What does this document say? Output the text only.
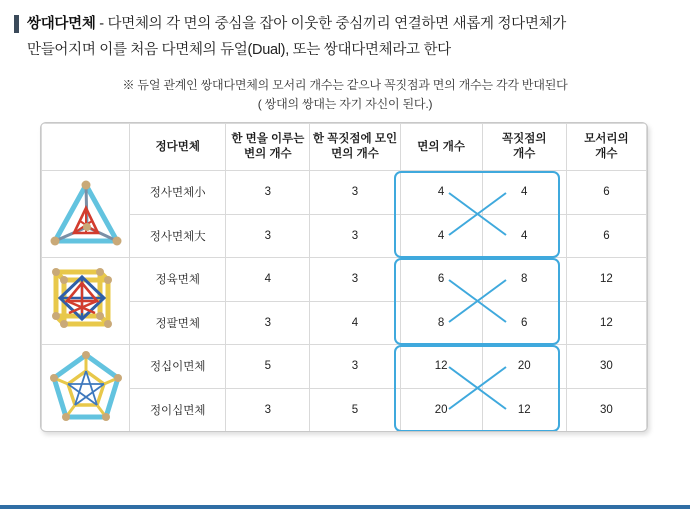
쌍대다면체 - 다면체의 각 면의 중심을 잡아 이웃한 중심끼리 연결하면 새롭게 정다면체가
만들어지며 이를 처음 다면체의 듀얼(Dual), 또는 쌍대다면체라고 한다
※ 듀얼 관계인 쌍대다면체의 모서리 개수는 같으나 꼭짓점과 면의 개수는 각각 반대된다
( 쌍대의 쌍대는 자기 자신이 된다.)
	정다면체	한 면을 이루는
변의 개수	한 꼭짓점에 모인
면의 개수	면의 개수	꼭짓점의
개수	모서리의
개수

	정사면체小	3	3	4	4	6
	정사면체大	3	3	4	4	6

	정육면체	4	3	6	8	12
	정팔면체	3	4	8	6	12

	정십이면체	5	3	12	20	30
	정이십면체	3	5	20	12	30
